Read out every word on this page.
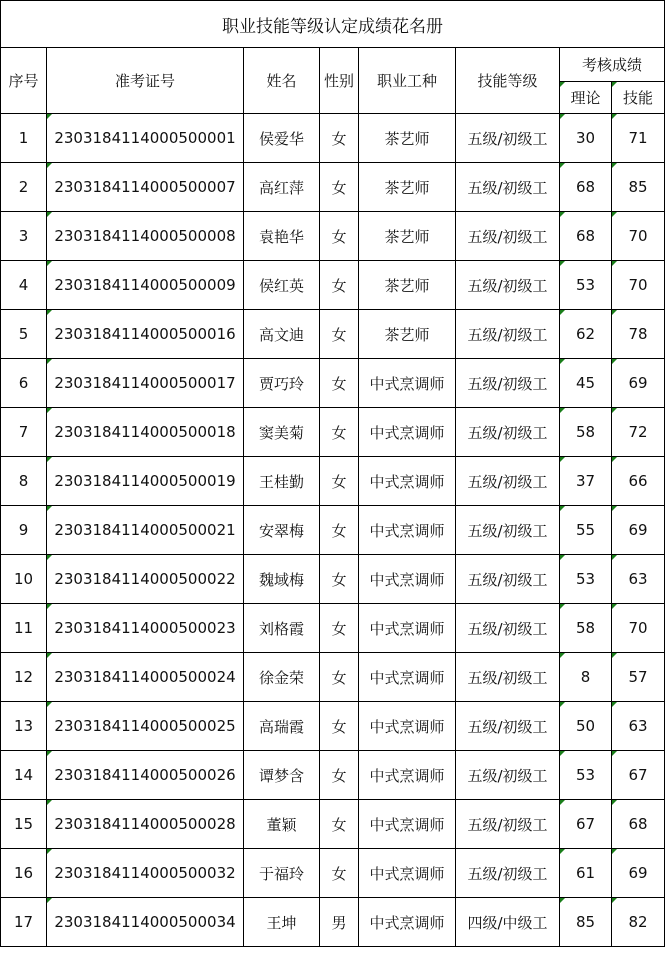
职业技能等级认定成绩花名册							
序号	准考证号	姓名	性别	职业工种	技能等级	考核成绩	
						理论	技能
1	2303184114000500001	侯爱华	女	茶艺师	五级/初级工	30	71
2	2303184114000500007	高红萍	女	茶艺师	五级/初级工	68	85
3	2303184114000500008	袁艳华	女	茶艺师	五级/初级工	68	70
4	2303184114000500009	侯红英	女	茶艺师	五级/初级工	53	70
5	2303184114000500016	高文迪	女	茶艺师	五级/初级工	62	78
6	2303184114000500017	贾巧玲	女	中式烹调师	五级/初级工	45	69
7	2303184114000500018	窦美菊	女	中式烹调师	五级/初级工	58	72
8	2303184114000500019	王桂勤	女	中式烹调师	五级/初级工	37	66
9	2303184114000500021	安翠梅	女	中式烹调师	五级/初级工	55	69
10	2303184114000500022	魏域梅	女	中式烹调师	五级/初级工	53	63
11	2303184114000500023	刘格霞	女	中式烹调师	五级/初级工	58	70
12	2303184114000500024	徐金荣	女	中式烹调师	五级/初级工	8	57
13	2303184114000500025	高瑞霞	女	中式烹调师	五级/初级工	50	63
14	2303184114000500026	谭梦含	女	中式烹调师	五级/初级工	53	67
15	2303184114000500028	董颖	女	中式烹调师	五级/初级工	67	68
16	2303184114000500032	于福玲	女	中式烹调师	五级/初级工	61	69
17	2303184114000500034	王坤	男	中式烹调师	四级/中级工	85	82
